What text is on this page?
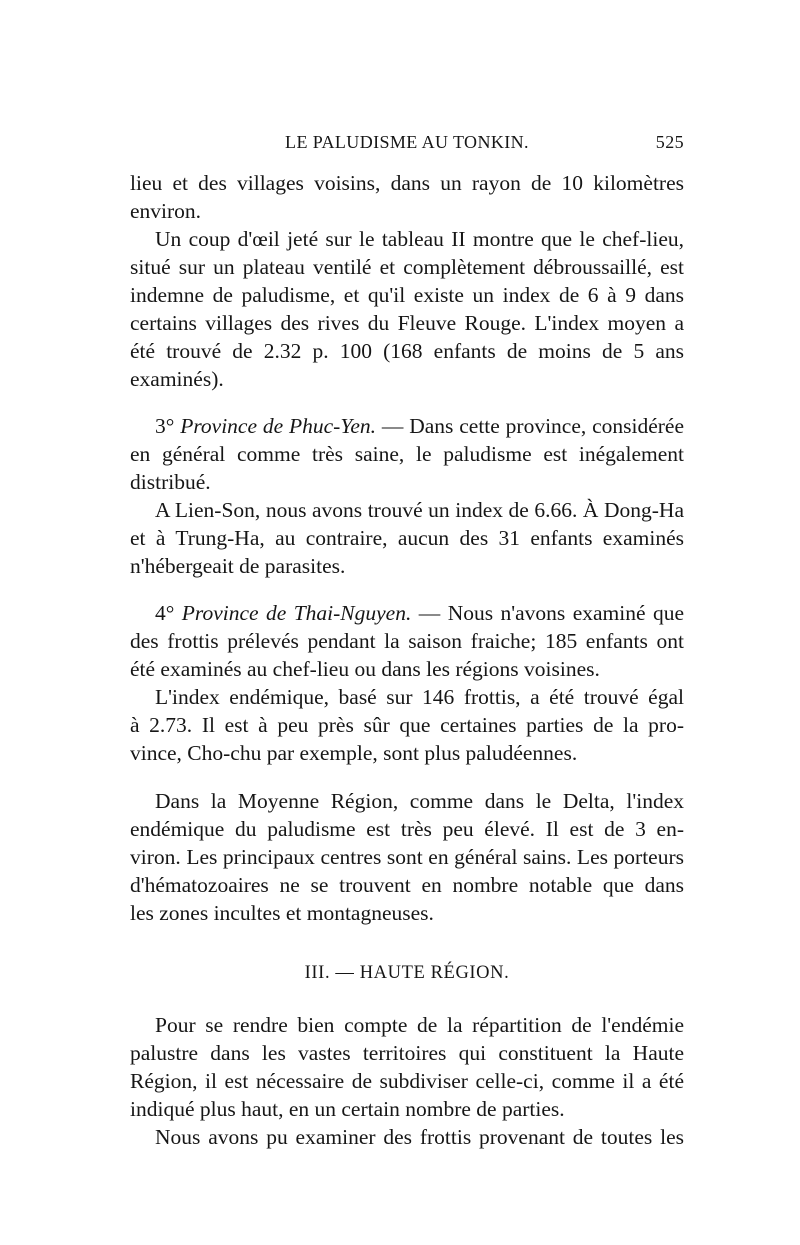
LE PALUDISME AU TONKIN.	525
lieu et des villages voisins, dans un rayon de 10 kilomètres
environ.
Un coup d'œil jeté sur le tableau II montre que le chef-lieu,
situé sur un plateau ventilé et complètement débroussaillé, est
indemne de paludisme, et qu'il existe un index de 6 à 9 dans
certains villages des rives du Fleuve Rouge. L'index moyen a
été trouvé de 2.32 p. 100 (168 enfants de moins de 5 ans
examinés).
3° Province de Phuc-Yen. — Dans cette province, considérée
en général comme très saine, le paludisme est inégalement
distribué.
A Lien-Son, nous avons trouvé un index de 6.66. À Dong-Ha
et à Trung-Ha, au contraire, aucun des 31 enfants examinés
n'hébergeait de parasites.
4° Province de Thai-Nguyen. — Nous n'avons examiné que
des frottis prélevés pendant la saison fraiche; 185 enfants ont
été examinés au chef-lieu ou dans les régions voisines.
L'index endémique, basé sur 146 frottis, a été trouvé égal
à 2.73. Il est à peu près sûr que certaines parties de la pro-
vince, Cho-chu par exemple, sont plus paludéennes.
Dans la Moyenne Région, comme dans le Delta, l'index
endémique du paludisme est très peu élevé. Il est de 3 en-
viron. Les principaux centres sont en général sains. Les porteurs
d'hématozoaires ne se trouvent en nombre notable que dans
les zones incultes et montagneuses.
III. — HAUTE RÉGION.
Pour se rendre bien compte de la répartition de l'endémie
palustre dans les vastes territoires qui constituent la Haute
Région, il est nécessaire de subdiviser celle-ci, comme il a été
indiqué plus haut, en un certain nombre de parties.
Nous avons pu examiner des frottis provenant de toutes les
